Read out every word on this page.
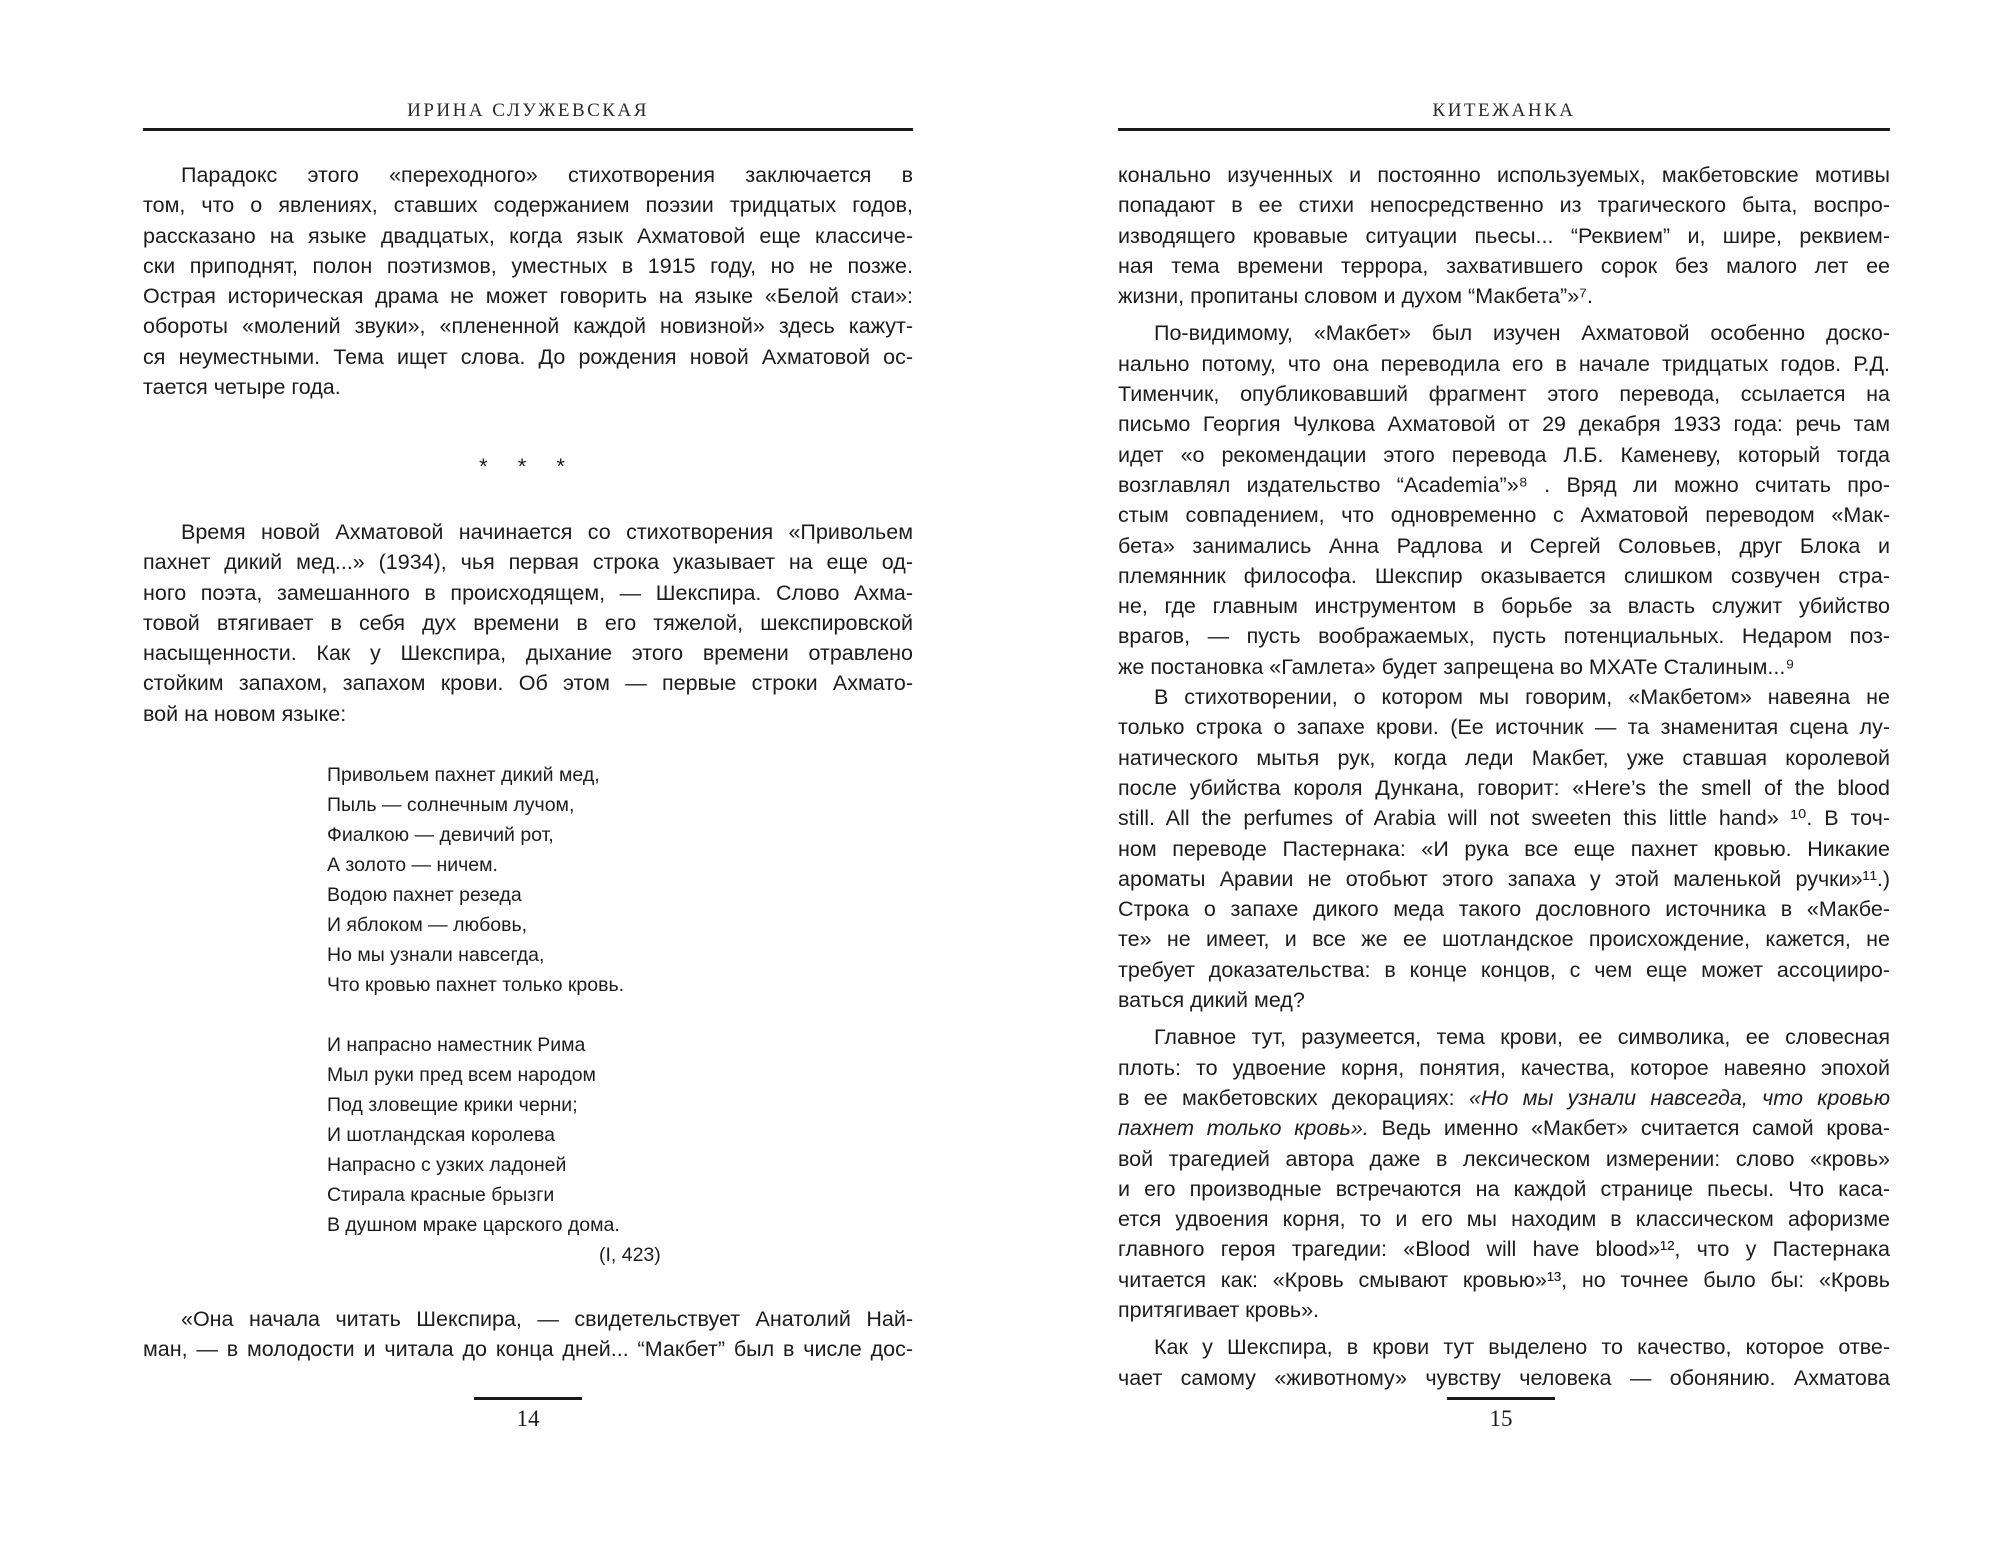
ИРИНА СЛУЖЕВСКАЯ
Парадокс этого «переходного» стихотворения заключается в
том, что о явлениях, ставших содержанием поэзии тридцатых годов,
рассказано на языке двадцатых, когда язык Ахматовой еще классиче-
ски приподнят, полон поэтизмов, уместных в 1915 году, но не позже.
Острая историческая драма не может говорить на языке «Белой стаи»:
обороты «молений звуки», «плененной каждой новизной» здесь кажут-
ся неуместными. Тема ищет слова. До рождения новой Ахматовой ос-
тается четыре года.
* * *
Время новой Ахматовой начинается со стихотворения «Привольем
пахнет дикий мед...» (1934), чья первая строка указывает на еще од-
ного поэта, замешанного в происходящем, — Шекспира. Слово Ахма-
товой втягивает в себя дух времени в его тяжелой, шекспировской
насыщенности. Как у Шекспира, дыхание этого времени отравлено
стойким запахом, запахом крови. Об этом — первые строки Ахмато-
вой на новом языке:
Привольем пахнет дикий мед,
Пыль — солнечным лучом,
Фиалкою — девичий рот,
А золото — ничем.
Водою пахнет резеда
И яблоком — любовь,
Но мы узнали навсегда,
Что кровью пахнет только кровь.
И напрасно наместник Рима
Мыл руки пред всем народом
Под зловещие крики черни;
И шотландская королева
Напрасно с узких ладоней
Стирала красные брызги
В душном мраке царского дома.
(I, 423)
«Она начала читать Шекспира, — свидетельствует Анатолий Най-
ман, — в молодости и читала до конца дней... “Макбет” был в числе дос-
14
КИТЕЖАНКА
конально изученных и постоянно используемых, макбетовские мотивы
попадают в ее стихи непосредственно из трагического быта, воспро-
изводящего кровавые ситуации пьесы... “Реквием” и, шире, реквием-
ная тема времени террора, захватившего сорок без малого лет ее
жизни, пропитаны словом и духом “Макбета”»⁷.
По-видимому, «Макбет» был изучен Ахматовой особенно доско-
нально потому, что она переводила его в начале тридцатых годов. Р.Д.
Тименчик, опубликовавший фрагмент этого перевода, ссылается на
письмо Георгия Чулкова Ахматовой от 29 декабря 1933 года: речь там
идет «о рекомендации этого перевода Л.Б. Каменеву, который тогда
возглавлял издательство “Academia”»⁸ . Вряд ли можно считать про-
стым совпадением, что одновременно с Ахматовой переводом «Мак-
бета» занимались Анна Радлова и Сергей Соловьев, друг Блока и
племянник философа. Шекспир оказывается слишком созвучен стра-
не, где главным инструментом в борьбе за власть служит убийство
врагов, — пусть воображаемых, пусть потенциальных. Недаром поз-
же постановка «Гамлета» будет запрещена во МХАТе Сталиным...⁹
В стихотворении, о котором мы говорим, «Макбетом» навеяна не
только строка о запахе крови. (Ее источник — та знаменитая сцена лу-
натического мытья рук, когда леди Макбет, уже ставшая королевой
после убийства короля Дункана, говорит: «Here’s the smell of the blood
still. All the perfumes of Arabia will not sweeten this little hand» ¹⁰. В точ-
ном переводе Пастернака: «И рука все еще пахнет кровью. Никакие
ароматы Аравии не отобьют этого запаха у этой маленькой ручки»¹¹.)
Строка о запахе дикого меда такого дословного источника в «Макбе-
те» не имеет, и все же ее шотландское происхождение, кажется, не
требует доказательства: в конце концов, с чем еще может ассоцииро-
ваться дикий мед?
Главное тут, разумеется, тема крови, ее символика, ее словесная
плоть: то удвоение корня, понятия, качества, которое навеяно эпохой
в ее макбетовских декорациях: «Но мы узнали навсегда, что кровью
пахнет только кровь». Ведь именно «Макбет» считается самой крова-
вой трагедией автора даже в лексическом измерении: слово «кровь»
и его производные встречаются на каждой странице пьесы. Что каса-
ется удвоения корня, то и его мы находим в классическом афоризме
главного героя трагедии: «Blood will have blood»¹², что у Пастернака
читается как: «Кровь смывают кровью»¹³, но точнее было бы: «Кровь
притягивает кровь».
Как у Шекспира, в крови тут выделено то качество, которое отве-
чает самому «животному» чувству человека — обонянию. Ахматова
15
